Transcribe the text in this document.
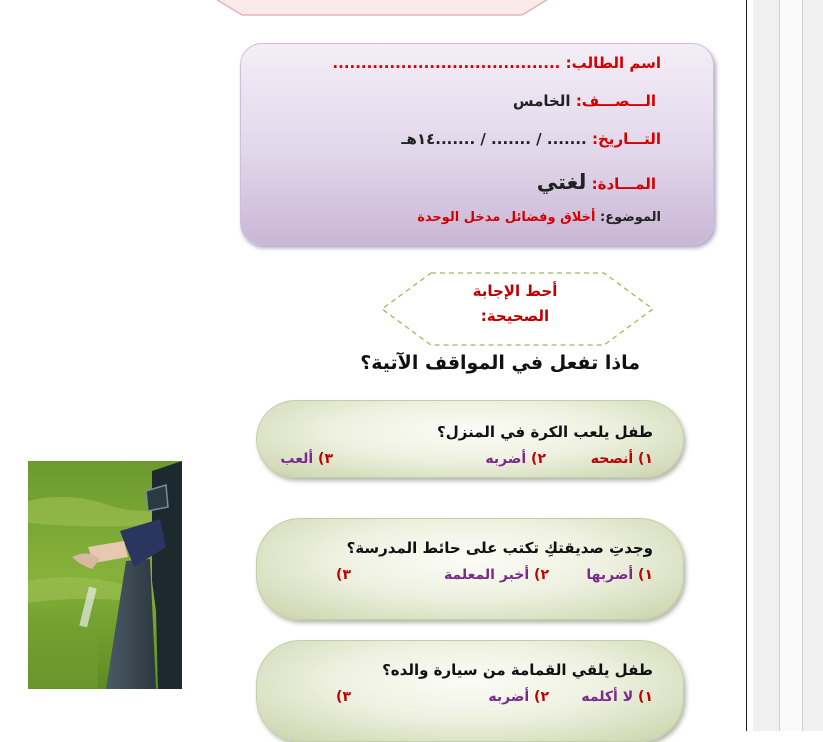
اسم الطالب: ........................................
الـــصـــف: الخامس
التـــاريخ: ....... / ....... / .......١٤هـ
المـــادة: لغتي
الموضوع: أخلاق وفضائل مدخل الوحدة
أحط الإجابة
الصحيحة:
ماذا تفعل في المواقف الآتية؟
طفل يلعب الكرة في المنزل؟
١) أنصحه
٢) أضربه
٣) ألعب
وجدتِ صديقتكِ تكتب على حائط المدرسة؟
١) أضربها
٢) أخبر المعلمة
٣)
طفل يلقي القمامة من سيارة والده؟
١) لا أكلمه
٢) أضربه
٣)
